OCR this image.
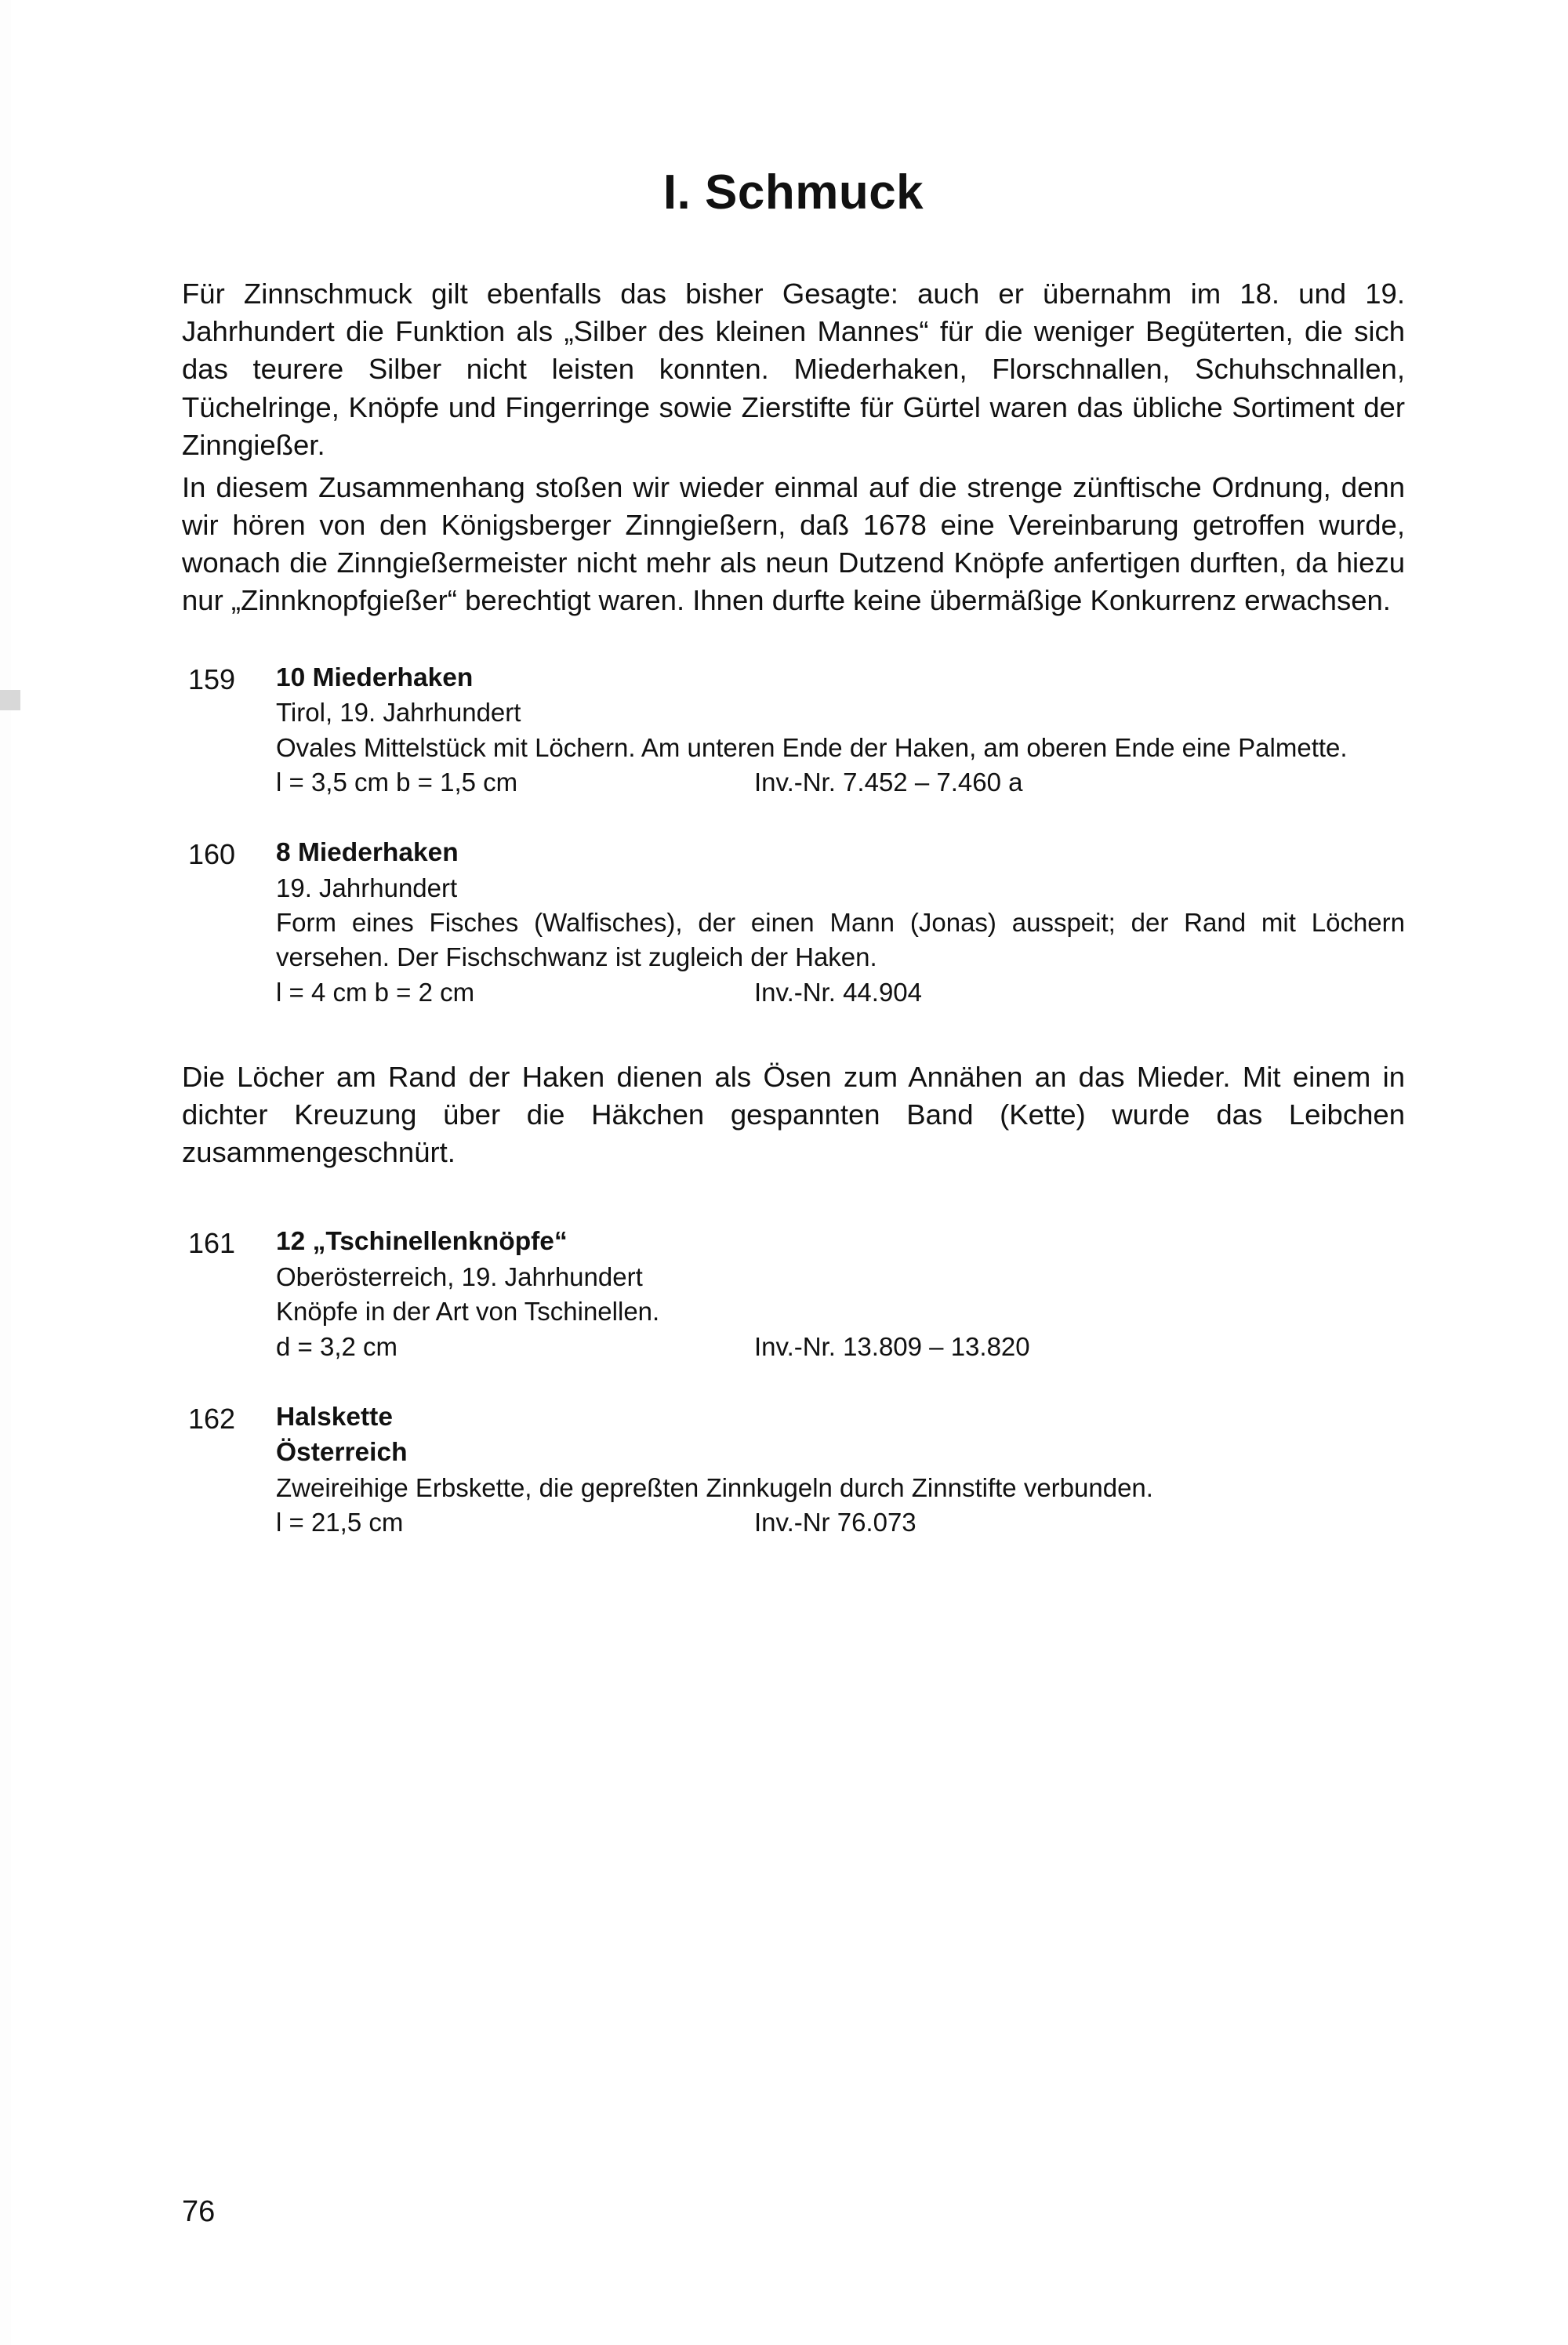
I. Schmuck

Für Zinnschmuck gilt ebenfalls das bisher Gesagte: auch er übernahm im 18. und 19. Jahrhundert die Funktion als „Silber des kleinen Mannes“ für die weniger Begüterten, die sich das teurere Silber nicht leisten konnten. Miederhaken, Florschnallen, Schuhschnallen, Tüchelringe, Knöpfe und Fingerringe sowie Zierstifte für Gürtel waren das übliche Sortiment der Zinngießer.

In diesem Zusammenhang stoßen wir wieder einmal auf die strenge zünftische Ordnung, denn wir hören von den Königsberger Zinngießern, daß 1678 eine Vereinbarung getroffen wurde, wonach die Zinngießermeister nicht mehr als neun Dutzend Knöpfe anfertigen durften, da hiezu nur „Zinnknopfgießer“ berechtigt waren. Ihnen durfte keine übermäßige Konkurrenz erwachsen.

159	10 Miederhaken
Tirol, 19. Jahrhundert
Ovales Mittelstück mit Löchern. Am unteren Ende der Haken, am oberen Ende eine Palmette.
l = 3,5 cm b = 1,5 cm	Inv.-Nr. 7.452 – 7.460 a
160	8 Miederhaken
19. Jahrhundert
Form eines Fisches (Walfisches), der einen Mann (Jonas) ausspeit; der Rand mit Löchern versehen. Der Fischschwanz ist zugleich der Haken.
l = 4 cm b = 2 cm	Inv.-Nr. 44.904

Die Löcher am Rand der Haken dienen als Ösen zum Annähen an das Mieder. Mit einem in dichter Kreuzung über die Häkchen gespannten Band (Kette) wurde das Leibchen zusammengeschnürt.

161	12 „Tschinellenknöpfe“
Oberösterreich, 19. Jahrhundert
Knöpfe in der Art von Tschinellen.
d = 3,2 cm	Inv.-Nr. 13.809 – 13.820
162	Halskette
Österreich
Zweireihige Erbskette, die gepreßten Zinnkugeln durch Zinnstifte verbunden.
l = 21,5 cm	Inv.-Nr 76.073
76
